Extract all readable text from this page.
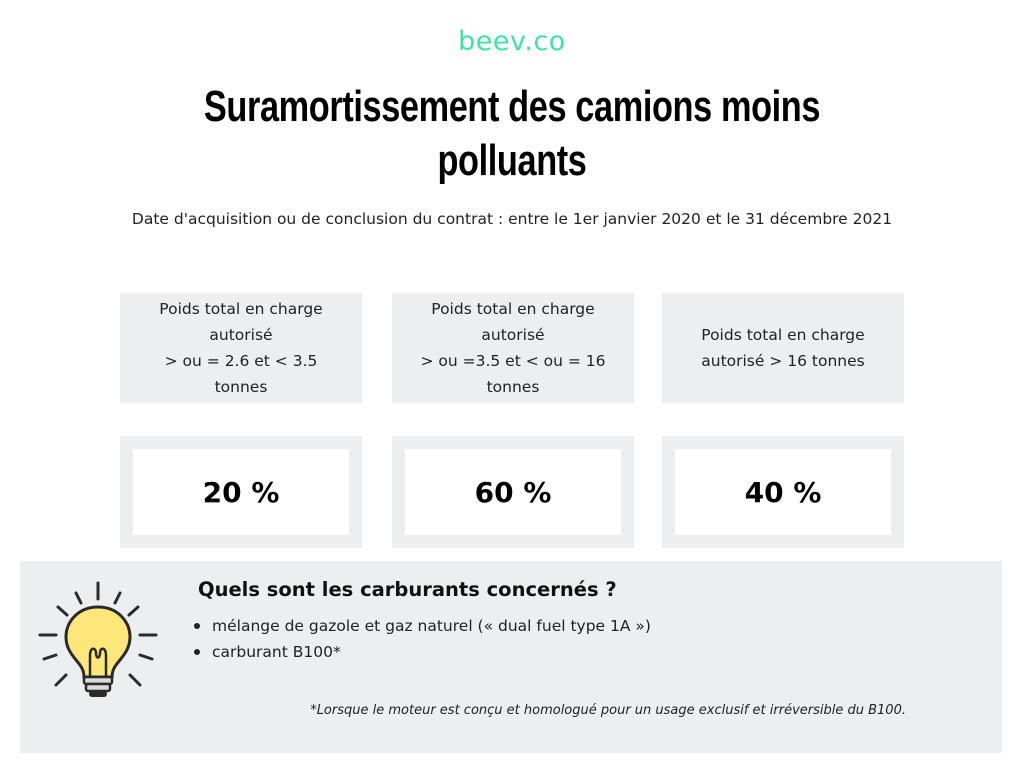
beev.co
Suramortissement des camions moins polluants
Date d'acquisition ou de conclusion du contrat : entre le 1er janvier 2020 et le 31 décembre 2021
Poids total en charge
autorisé
> ou = 2.6 et < 3.5
tonnes
Poids total en charge
autorisé
> ou =3.5 et < ou = 16
tonnes
Poids total en charge
autorisé > 16 tonnes
20 %	60 %	40 %
Quels sont les carburants concernés ?
mélange de gazole et gaz naturel (« dual fuel type 1A »)
carburant B100*
*Lorsque le moteur est conçu et homologué pour un usage exclusif et irréversible du B100.
